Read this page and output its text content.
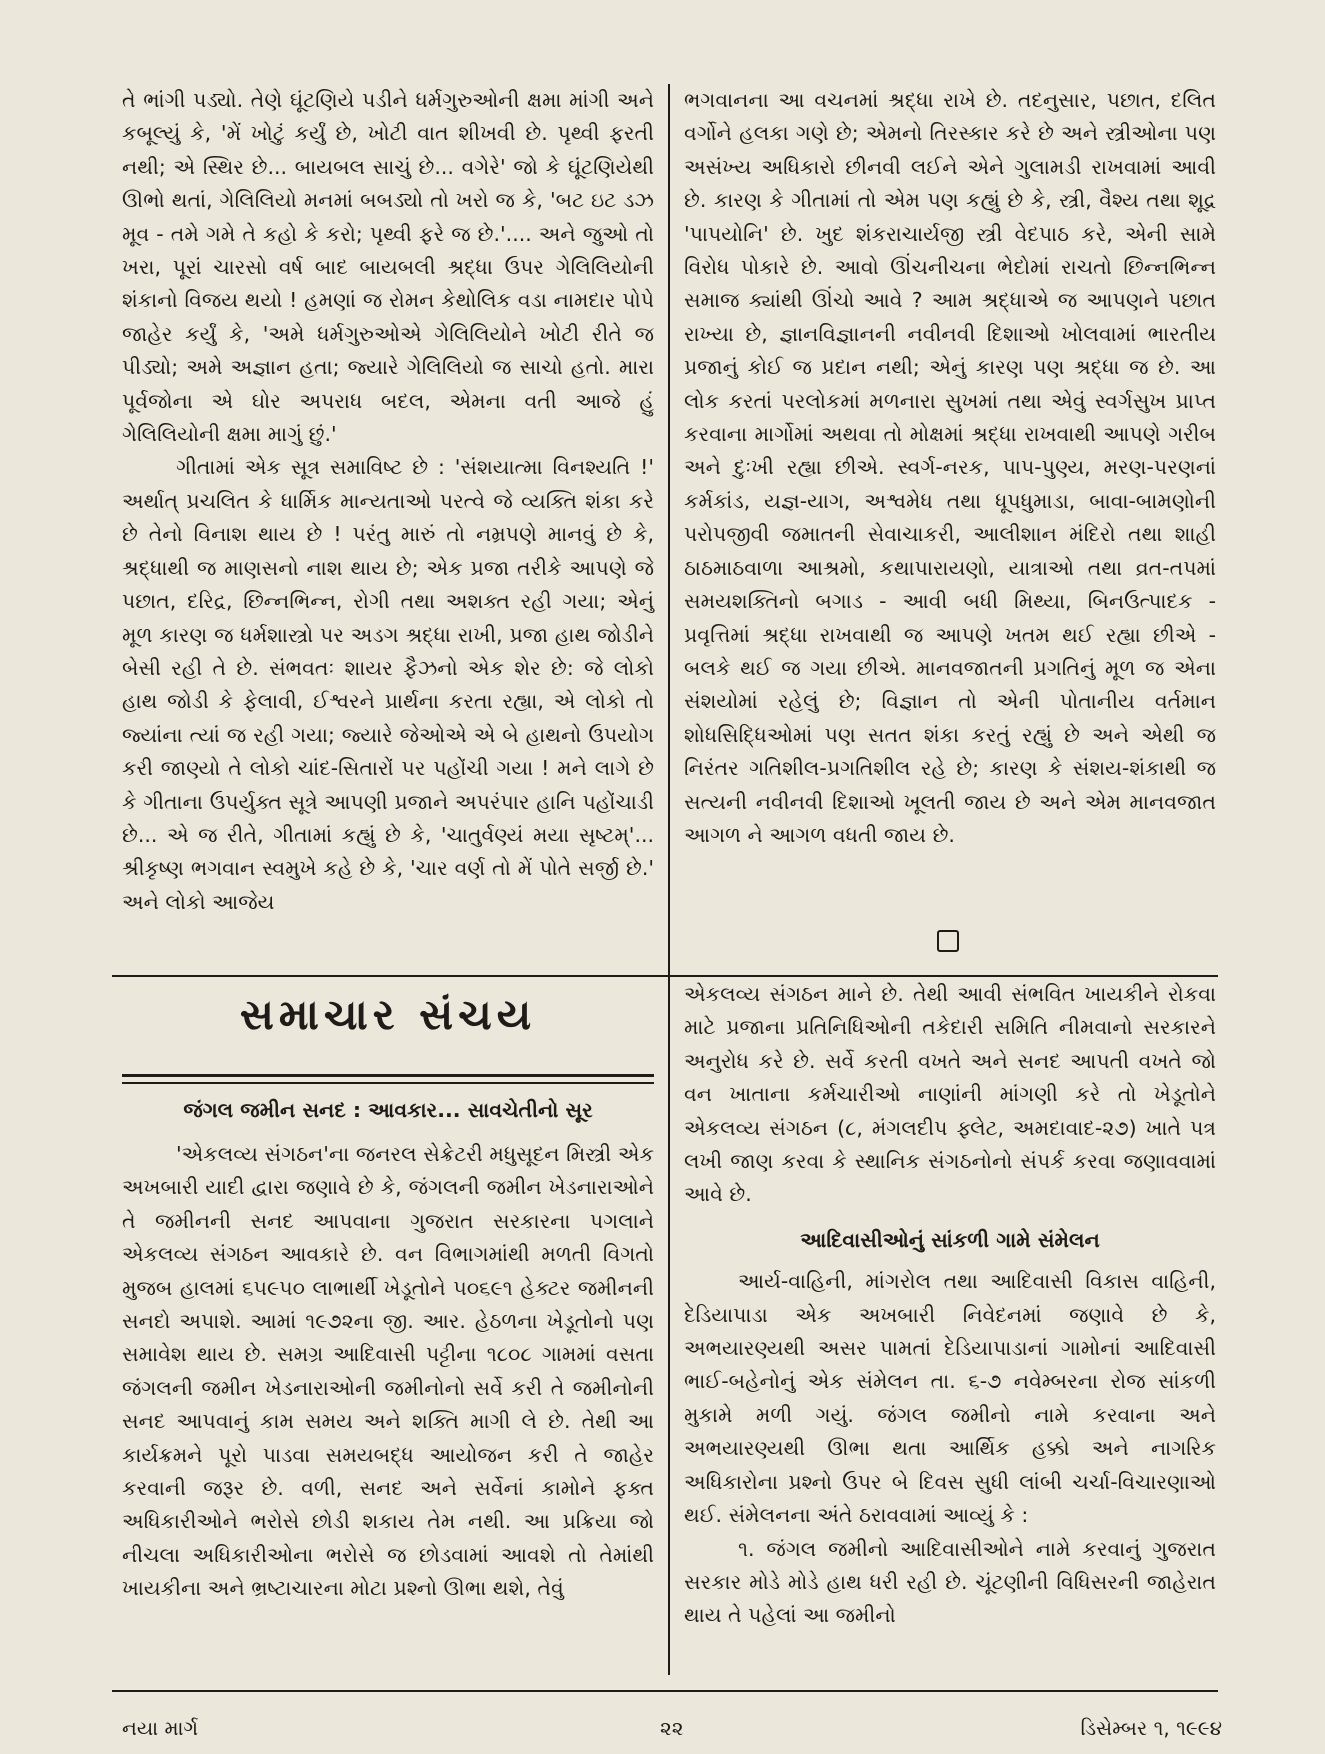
તે ભાંગી પડ્યો. તેણે ઘૂંટણિયે પડીને ધર્મગુરુઓની ક્ષમા માંગી અને કબૂલ્યું કે, 'મેં ખોટું કર્યું છે, ખોટી વાત શીખવી છે. પૃથ્વી ફરતી નથી; એ સ્થિર છે... બાયબલ સાચું છે... વગેરે' જો કે ઘૂંટણિયેથી ઊભો થતાં, ગેલિલિયો મનમાં બબડ્યો તો ખરો જ કે, 'બટ ઇટ ડઝ મૂવ - તમે ગમે તે કહો કે કરો; પૃથ્વી ફરે જ છે.'.... અને જુઓ તો ખરા, પૂરાં ચારસો વર્ષ બાદ બાયબલી શ્રદ્ધા ઉપર ગેલિલિયોની શંકાનો વિજય થયો ! હમણાં જ રોમન કેથોલિક વડા નામદાર પોપે જાહેર કર્યું કે, 'અમે ધર્મગુરુઓએ ગેલિલિયોને ખોટી રીતે જ પીડ્યો; અમે અજ્ઞાન હતા; જ્યારે ગેલિલિયો જ સાચો હતો. મારા પૂર્વજોના એ ઘોર અપરાધ બદલ, એમના વતી આજે હું ગેલિલિયોની ક્ષમા માગું છું.'

ગીતામાં એક સૂત્ર સમાવિષ્ટ છે : 'સંશયાત્મા વિનશ્યતિ !' અર્થાત્ પ્રચલિત કે ધાર્મિક માન્યતાઓ પરત્વે જે વ્યક્તિ શંકા કરે છે તેનો વિનાશ થાય છે ! પરંતુ મારું તો નમ્રપણે માનવું છે કે, શ્રદ્ધાથી જ માણસનો નાશ થાય છે; એક પ્રજા તરીકે આપણે જે પછાત, દરિદ્ર, છિન્નભિન્ન, રોગી તથા અશક્ત રહી ગયા; એનું મૂળ કારણ જ ધર્મશાસ્ત્રો પર અડગ શ્રદ્ધા રાખી, પ્રજા હાથ જોડીને બેસી રહી તે છે. સંભવતઃ શાયર ફૈઝનો એક શેર છે: જે લોકો હાથ જોડી કે ફેલાવી, ઈશ્વરને પ્રાર્થના કરતા રહ્યા, એ લોકો તો જ્યાંના ત્યાં જ રહી ગયા; જ્યારે જેઓએ એ બે હાથનો ઉપયોગ કરી જાણ્યો તે લોકો ચાંદ-સિતારોં પર પહોંચી ગયા ! મને લાગે છે કે ગીતાના ઉપર્યુક્ત સૂત્રે આપણી પ્રજાને અપરંપાર હાનિ પહોંચાડી છે... એ જ રીતે, ગીતામાં કહ્યું છે કે, 'ચાતુર્વણ્યં મયા સૃષ્ટમ્'... શ્રીકૃષ્ણ ભગવાન સ્વમુખે કહે છે કે, 'ચાર વર્ણ તો મેં પોતે સર્જી છે.' અને લોકો આજેય

ભગવાનના આ વચનમાં શ્રદ્ધા રાખે છે. તદનુસાર, પછાત, દલિત વર્ગોને હલકા ગણે છે; એમનો તિરસ્કાર કરે છે અને સ્ત્રીઓના પણ અસંખ્ય અધિકારો છીનવી લઈને એને ગુલામડી રાખવામાં આવી છે. કારણ કે ગીતામાં તો એમ પણ કહ્યું છે કે, સ્ત્રી, વૈશ્ય તથા શૂદ્ર 'પાપયોનિ' છે. ખુદ શંકરાચાર્યજી સ્ત્રી વેદપાઠ કરે, એની સામે વિરોધ પોકારે છે. આવો ઊંચનીચના ભેદોમાં રાચતો છિન્નભિન્ન સમાજ ક્યાંથી ઊંચો આવે ? આમ શ્રદ્ધાએ જ આપણને પછાત રાખ્યા છે, જ્ઞાનવિજ્ઞાનની નવીનવી દિશાઓ ખોલવામાં ભારતીય પ્રજાનું કોઈ જ પ્રદાન નથી; એનું કારણ પણ શ્રદ્ધા જ છે. આ લોક કરતાં પરલોકમાં મળનારા સુખમાં તથા એવું સ્વર્ગસુખ પ્રાપ્ત કરવાના માર્ગોમાં અથવા તો મોક્ષમાં શ્રદ્ધા રાખવાથી આપણે ગરીબ અને દુઃખી રહ્યા છીએ. સ્વર્ગ-નરક, પાપ-પુણ્ય, મરણ-પરણનાં કર્મકાંડ, યજ્ઞ-યાગ, અશ્વમેધ તથા ધૂપધુમાડા, બાવા-બામણોની પરોપજીવી જમાતની સેવાચાકરી, આલીશાન મંદિરો તથા શાહી ઠાઠમાઠવાળા આશ્રમો, કથાપારાયણો, યાત્રાઓ તથા વ્રત-તપમાં સમયશક્તિનો બગાડ - આવી બધી મિથ્યા, બિનઉત્પાદક - પ્રવૃત્તિમાં શ્રદ્ધા રાખવાથી જ આપણે ખતમ થઈ રહ્યા છીએ - બલકે થઈ જ ગયા છીએ. માનવજાતની પ્રગતિનું મૂળ જ એના સંશયોમાં રહેલું છે; વિજ્ઞાન તો એની પોતાનીય વર્તમાન શોધસિદ્ધિઓમાં પણ સતત શંકા કરતું રહ્યું છે અને એથી જ નિરંતર ગતિશીલ-પ્રગતિશીલ રહે છે; કારણ કે સંશય-શંકાથી જ સત્યની નવીનવી દિશાઓ ખૂલતી જાય છે અને એમ માનવજાત આગળ ને આગળ વધતી જાય છે.

સમાચાર સંચય
જંગલ જમીન સનદ : આવકાર... સાવચેતીનો સૂર

'એકલવ્ય સંગઠન'ના જનરલ સેક્રેટરી મધુસૂદન મિસ્ત્રી એક અખબારી યાદી દ્વારા જણાવે છે કે, જંગલની જમીન ખેડનારાઓને તે જમીનની સનદ આપવાના ગુજરાત સરકારના પગલાને એકલવ્ય સંગઠન આવકારે છે. વન વિભાગમાંથી મળતી વિગતો મુજબ હાલમાં ૬૫૯૫૦ લાભાર્થી ખેડૂતોને ૫૦૬૯૧ હેક્ટર જમીનની સનદો અપાશે. આમાં ૧૯૭૨ના જી. આર. હેઠળના ખેડૂતોનો પણ સમાવેશ થાય છે. સમગ્ર આદિવાસી પટ્ટીના ૧૮૦૮ ગામમાં વસતા જંગલની જમીન ખેડનારાઓની જમીનોનો સર્વે કરી તે જમીનોની સનદ આપવાનું કામ સમય અને શક્તિ માગી લે છે. તેથી આ કાર્યક્રમને પૂરો પાડવા સમયબદ્ધ આયોજન કરી તે જાહેર કરવાની જરૂર છે. વળી, સનદ અને સર્વેનાં કામોને ફક્ત અધિકારીઓને ભરોસે છોડી શકાય તેમ નથી. આ પ્રક્રિયા જો નીચલા અધિકારીઓના ભરોસે જ છોડવામાં આવશે તો તેમાંથી ખાયકીના અને ભ્રષ્ટાચારના મોટા પ્રશ્નો ઊભા થશે, તેવું

એકલવ્ય સંગઠન માને છે. તેથી આવી સંભવિત ખાયકીને રોકવા માટે પ્રજાના પ્રતિનિધિઓની તકેદારી સમિતિ નીમવાનો સરકારને અનુરોધ કરે છે. સર્વે કરતી વખતે અને સનદ આપતી વખતે જો વન ખાતાના કર્મચારીઓ નાણાંની માંગણી કરે તો ખેડૂતોને એકલવ્ય સંગઠન (૮, મંગલદીપ ફ્લેટ, અમદાવાદ-૨૭) ખાતે પત્ર લખી જાણ કરવા કે સ્થાનિક સંગઠનોનો સંપર્ક કરવા જણાવવામાં આવે છે.

આદિવાસીઓનું સાંકળી ગામે સંમેલન

આર્ય-વાહિની, માંગરોલ તથા આદિવાસી વિકાસ વાહિની, દેડિયાપાડા એક અખબારી નિવેદનમાં જણાવે છે કે, અભયારણ્યથી અસર પામતાં દેડિયાપાડાનાં ગામોનાં આદિવાસી ભાઈ-બહેનોનું એક સંમેલન તા. ૬-૭ નવેમ્બરના રોજ સાંકળી મુકામે મળી ગયું. જંગલ જમીનો નામે કરવાના અને અભયારણ્યથી ઊભા થતા આર્થિક હક્કો અને નાગરિક અધિકારોના પ્રશ્નો ઉપર બે દિવસ સુધી લાંબી ચર્ચા-વિચારણાઓ થઈ. સંમેલનના અંતે ઠરાવવામાં આવ્યું કે :

૧. જંગલ જમીનો આદિવાસીઓને નામે કરવાનું ગુજરાત સરકાર મોડે મોડે હાથ ધરી રહી છે. ચૂંટણીની વિધિસરની જાહેરાત થાય તે પહેલાં આ જમીનો

નયા માર્ગ	૨૨	ડિસેમ્બર ૧, ૧૯૯૪
